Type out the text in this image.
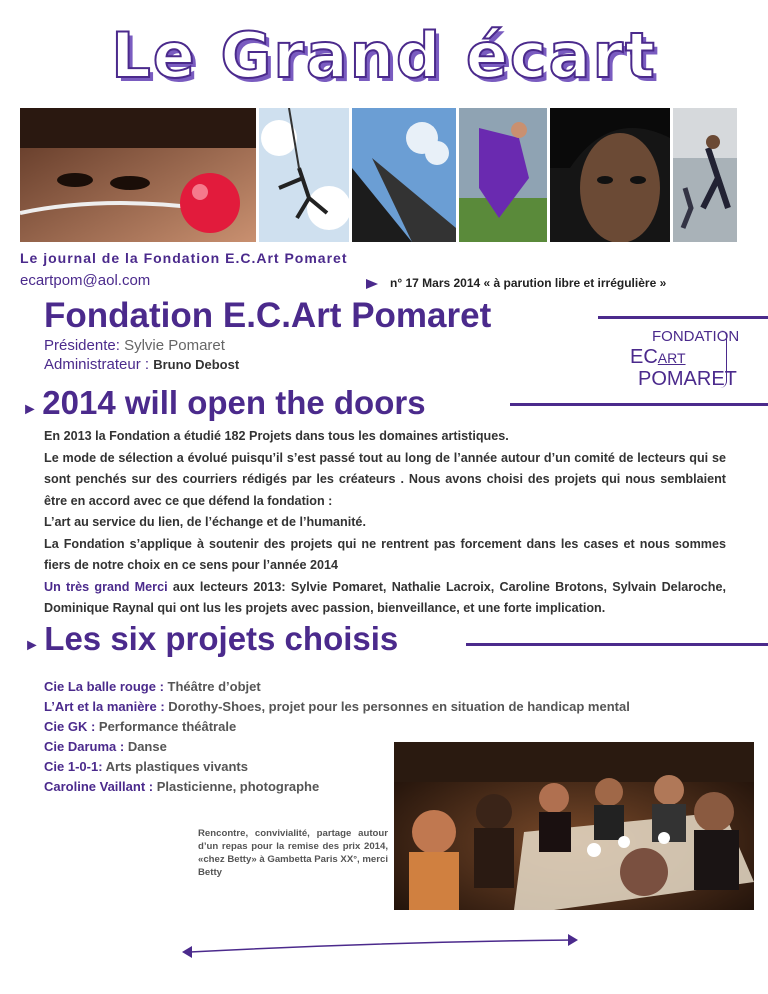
Le Grand écart
Le journal de la Fondation E.C.Art Pomaret
ecartpom@aol.com	n° 17 Mars 2014 « à parution libre et irrégulière »
Fondation E.C.Art Pomaret
Présidente: Sylvie Pomaret
Administrateur : Bruno Debost
FONDATION
ECART
POMARET
► 2014 will open the doors
En 2013 la Fondation a étudié 182 Projets dans tous les domaines artistiques.
Le mode de sélection a évolué puisqu’il s’est passé tout au long de l’année autour d’un comité de lecteurs qui se sont penchés sur des courriers rédigés par les créateurs . Nous avons choisi des projets qui nous semblaient être en accord avec ce que défend la fondation :
L’art au service du lien, de l’échange et de l’humanité.
La Fondation s’applique à soutenir des projets qui ne rentrent pas forcement dans les cases et nous sommes fiers de notre choix en ce sens pour l’année 2014
Un très grand Merci aux lecteurs 2013: Sylvie Pomaret, Nathalie Lacroix, Caroline Brotons, Sylvain Delaroche, Dominique Raynal qui ont lus les projets avec passion, bienveillance, et une forte implication.
► Les six projets choisis
Cie La balle rouge : Théâtre d’objet
L’Art et la manière : Dorothy-Shoes, projet pour les personnes en situation de handicap mental
Cie GK : Performance théâtrale
Cie Daruma : Danse
Cie 1-0-1: Arts plastiques vivants
Caroline Vaillant : Plasticienne, photographe
Rencontre, convivialité, partage autour d’un repas pour la remise des prix 2014, «chez Betty» à Gambetta Paris XX°, merci Betty
